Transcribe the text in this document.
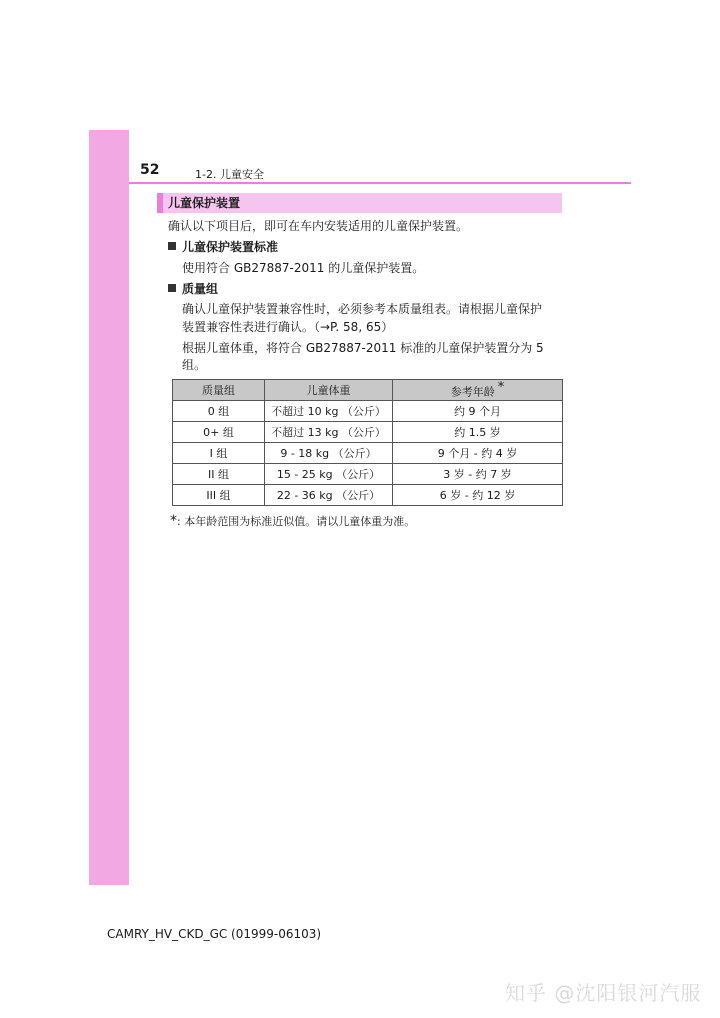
52	1-2. 儿童安全
儿童保护装置
确认以下项目后，即可在车内安装适用的儿童保护装置。
儿童保护装置标准
使用符合 GB27887-2011 的儿童保护装置。
质量组
确认儿童保护装置兼容性时，必须参考本质量组表。请根据儿童保护
装置兼容性表进行确认。（→P. 58, 65）
根据儿童体重，将符合 GB27887-2011 标准的儿童保护装置分为 5
组。
质量组	儿童体重	参考年龄 *
0 组	不超过 10 kg （公斤）	约 9 个月
0+ 组	不超过 13 kg （公斤）	约 1.5 岁
I 组	9 - 18 kg （公斤）	9 个月 - 约 4 岁
II 组	15 - 25 kg （公斤）	3 岁 - 约 7 岁
III 组	22 - 36 kg （公斤）	6 岁 - 约 12 岁
*: 本年龄范围为标准近似值。请以儿童体重为准。
CAMRY_HV_CKD_GC (01999-06103)
知乎 @沈阳银河汽服
